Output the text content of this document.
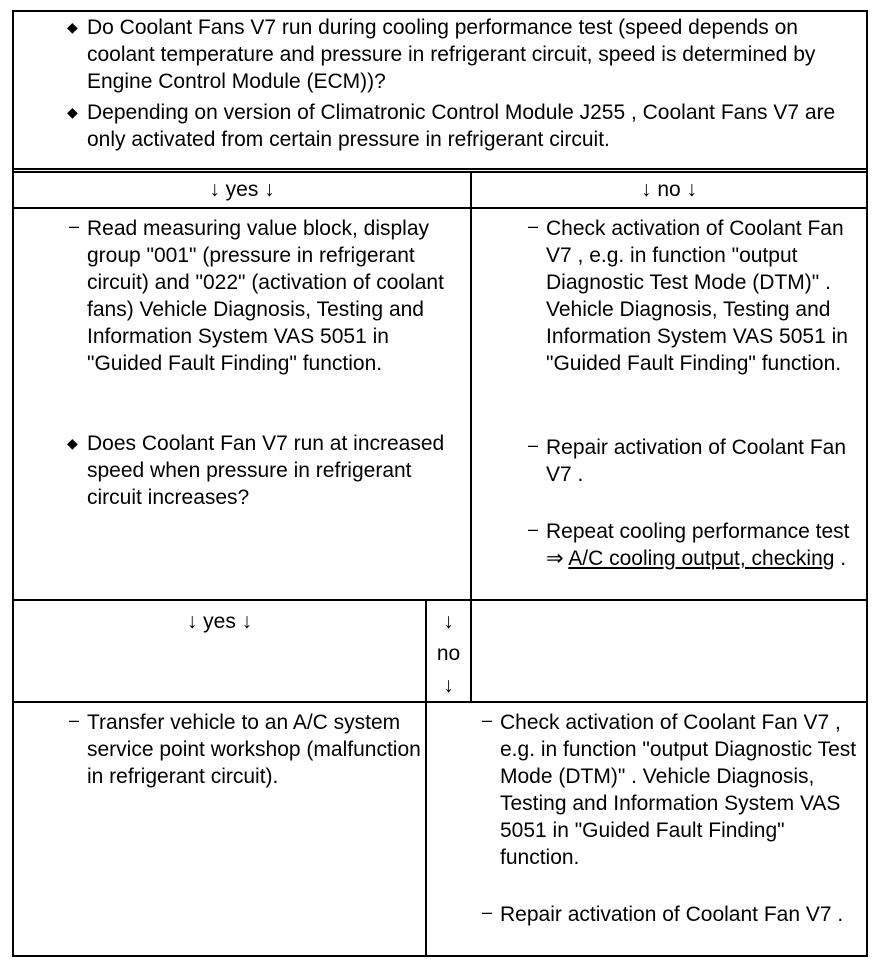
◆ Do Coolant Fans V7 run during cooling performance test (speed depends on coolant temperature and pressure in refrigerant circuit, speed is determined by Engine Control Module (ECM))?
◆ Depending on version of Climatronic Control Module J255 , Coolant Fans V7 are only activated from certain pressure in refrigerant circuit.
↓ yes ↓	↓ no ↓
– Read measuring value block, display group "001" (pressure in refrigerant circuit) and "022" (activation of coolant fans) Vehicle Diagnosis, Testing and Information System VAS 5051 in "Guided Fault Finding" function.
◆ Does Coolant Fan V7 run at increased speed when pressure in refrigerant circuit increases?
– Check activation of Coolant Fan V7 , e.g. in function "output Diagnostic Test Mode (DTM)" . Vehicle Diagnosis, Testing and Information System VAS 5051 in "Guided Fault Finding" function.
– Repair activation of Coolant Fan V7 .
– Repeat cooling performance test ⇒ A/C cooling output, checking .
↓ yes ↓	↓
no
↓
– Transfer vehicle to an A/C system service point workshop (malfunction in refrigerant circuit).
– Check activation of Coolant Fan V7 , e.g. in function "output Diagnostic Test Mode (DTM)" . Vehicle Diagnosis, Testing and Information System VAS 5051 in "Guided Fault Finding" function.
– Repair activation of Coolant Fan V7 .
